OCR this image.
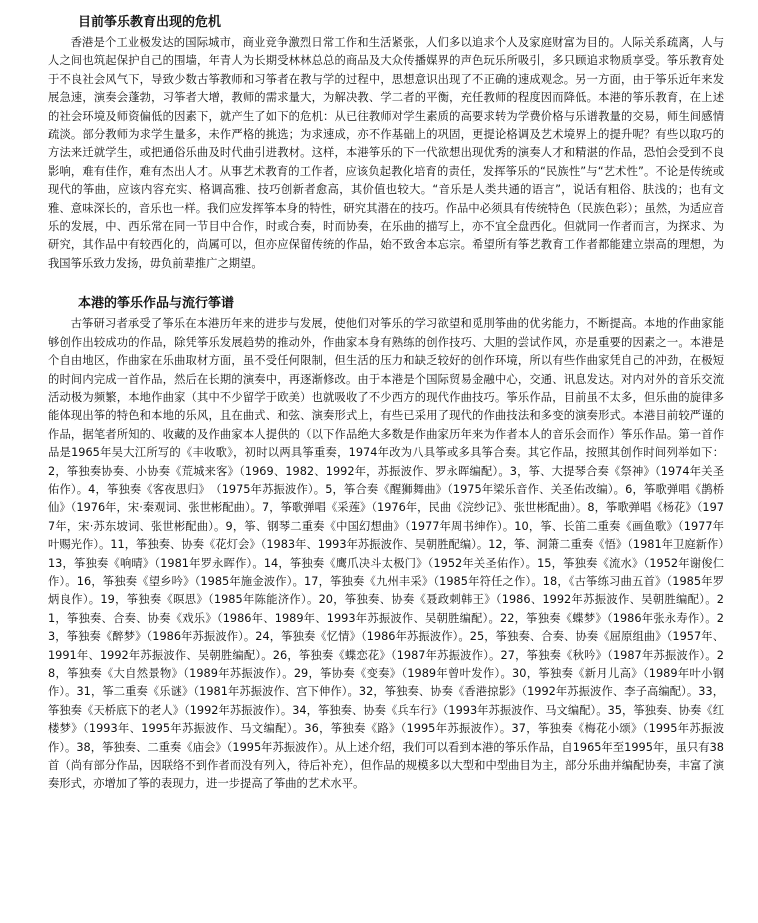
目前筝乐教育出现的危机

香港是个工业极发达的国际城市，商业竞争激烈日常工作和生活紧张，人们多以追求个人及家庭财富为目的。人际关系疏离，人与人之间也筑起保护自己的围墙，年青人为长期受林林总总的商品及大众传播媒界的声色玩乐所吸引，多只顾追求物质享受。筝乐教育处于不良社会风气下，导致少数古筝教师和习筝者在教与学的过程中，思想意识出现了不正确的速成观念。另一方面，由于筝乐近年来发展急速，演奏会蓬勃，习筝者大增，教师的需求量大，为解决教、学二者的平衡，充任教师的程度因而降低。本港的筝乐教育，在上述的社会环境及师资偏低的因素下，就产生了如下的危机：从已往教师对学生素质的高要求转为学费价格与乐谱教量的交易，师生间感情疏淡。部分教师为求学生量多，未作严格的挑选；为求速成，亦不作基础上的巩固，更提论格调及艺术境界上的提升呢？有些以取巧的方法来迁就学生，或把通俗乐曲及时代曲引进教材。这样，本港筝乐的下一代欲想出现优秀的演奏人才和精湛的作品，恐怕会受到不良影响，难有佳作，难有杰出人才。从事艺术教育的工作者，应该负起教化培育的责任，发挥筝乐的“民族性”与“艺术性”。不论是传统或现代的筝曲，应该内容充实、格调高雅、技巧创新者愈高，其价值也较大。“音乐是人类共通的语言”，说话有粗俗、肤浅的；也有文雅、意味深长的，音乐也一样。我们应发挥筝本身的特性，研究其潜在的技巧。作品中必须具有传统特色（民族色彩）；虽然，为适应音乐的发展，中、西乐常在同一节目中合作，时或合奏，时而协奏，在乐曲的描写上，亦不宜全盘西化。但就同一作者而言，为探求、为研究，其作品中有较西化的，尚属可以，但亦应保留传统的作品，始不致舍本忘宗。希望所有筝艺教育工作者都能建立崇高的理想，为我国筝乐致力发扬，毋负前辈推广之期望。

本港的筝乐作品与流行筝谱

古筝研习者承受了筝乐在本港历年来的进步与发展，使他们对筝乐的学习欲望和觅刖筝曲的优劣能力，不断提高。本地的作曲家能够创作出较成功的作品，除凭筝乐发展趋势的推动外，作曲家本身有熟练的创作技巧、大胆的尝试作风，亦是重要的因素之一。本港是个自由地区，作曲家在乐曲取材方面，虽不受任何限制，但生活的压力和缺乏较好的创作环境，所以有些作曲家凭自己的冲劲，在极短的时间内完成一首作品，然后在长期的演奏中，再逐渐修改。由于本港是个国际贸易金融中心，交通、讯息发达。对内对外的音乐交流活动极为频繁，本地作曲家（其中不少留学于欧美）也就吸收了不少西方的现代作曲技巧。筝乐作品，目前虽不太多，但乐曲的旋律多能体现出筝的特色和本地的乐风，且在曲式、和弦、演奏形式上，有些已采用了现代的作曲技法和多变的演奏形式。本港目前较严谨的作品，据笔者所知的、收藏的及作曲家本人提供的（以下作品绝大多数是作曲家历年来为作者本人的音乐会而作）筝乐作品。第一首作品是1965年吴大江所写的《丰收歌》，初时以两具筝重奏，1974年改为八具筝或多具筝合奏。其它作品，按照其创作时间列举如下：2，筝独奏协奏、小协奏《荒城来客》（1969、1982、1992年，苏振波作、罗永晖编配）。3，筝、大提琴合奏《祭神》（1974年关圣佑作）。4，筝独奏《客夜思归》　（1975年苏振波作）。5，筝合奏《醒狮舞曲》（1975年梁乐音作、关圣佑改编）。6，筝歌弹唱《鹊桥仙》（1976年，宋·秦观词、张世彬配曲）。7，筝歌弹唱《采莲》（1976年，民曲《浣纱记》、张世彬配曲）。8，筝歌弹唱《杨花》（1977年，宋·苏东坡词、张世彬配曲）。9，筝、钢琴二重奏《中国幻想曲》（1977年周书绅作）。10，筝、长笛二重奏《画鱼歌》（1977年叶赐光作）。11，筝独奏、协奏《花灯会》（1983年、1993年苏振波作、吴朝胜配编）。12，筝、洞箫二重奏《悟》（1981年卫庭新作）13，筝独奏《响晴》（1981年罗永晖作）。14，筝独奏《鹰爪决斗太极门》（1952年关圣佑作）。15，筝独奏《流水》（1952年谢俊仁作）。16，筝独奏《望乡吟》（1985年施金波作）。17，筝独奏《九州丰采》（1985年符任之作）。18，《古筝练习曲五首》（1985年罗炳良作）。19，筝独奏《暝思》（1985年陈能济作）。20，筝独奏、协奏《聂政刺韩王》（1986、1992年苏振波作、吴朝胜编配）。21，筝独奏、合奏、协奏《戏乐》（1986年、1989年、1993年苏振波作、吴朝胜编配）。22，筝独奏《蝶梦》（1986年张永寿作）。23，筝独奏《醉梦》（1986年苏振波作）。24，筝独奏《忆情》（1986年苏振波作）。25，筝独奏、合奏、协奏《屈原组曲》（1957年、1991年、1992年苏振波作、吴朝胜编配）。26，筝独奏《蝶恋花》（1987年苏振波作）。27，筝独奏《秋吟》（1987年苏振波作）。28，筝独奏《大自然景物》（1989年苏振波作）。29，筝协奏《变奏》（1989年曾叶发作）。30，筝独奏《新月儿高》（1989年叶小钢作）。31，筝二重奏《乐谜》（1981年苏振波作、宫下伸作）。32，筝独奏、协奏《香港掠影》（1992年苏振波作、李子高编配）。33，筝独奏《天桥底下的老人》（1992年苏振波作）。34，筝独奏、协奏《兵车行》（1993年苏振波作、马文编配）。35，筝独奏、协奏《红楼梦》（1993年、1995年苏振波作、马文编配）。36，筝独奏《路》（1995年苏振波作）。37，筝独奏《梅花小颂》（1995年苏振波作）。38，筝独奏、二重奏《庙会》（1995年苏振波作）。从上述介绍，我们可以看到本港的筝乐作品，自1965年至1995年，虽只有38首（尚有部分作品，因联络不到作者而没有列入，待后补充），但作品的规模多以大型和中型曲目为主，部分乐曲并编配协奏，丰富了演奏形式，亦增加了筝的表现力，进一步提高了筝曲的艺术水平。
